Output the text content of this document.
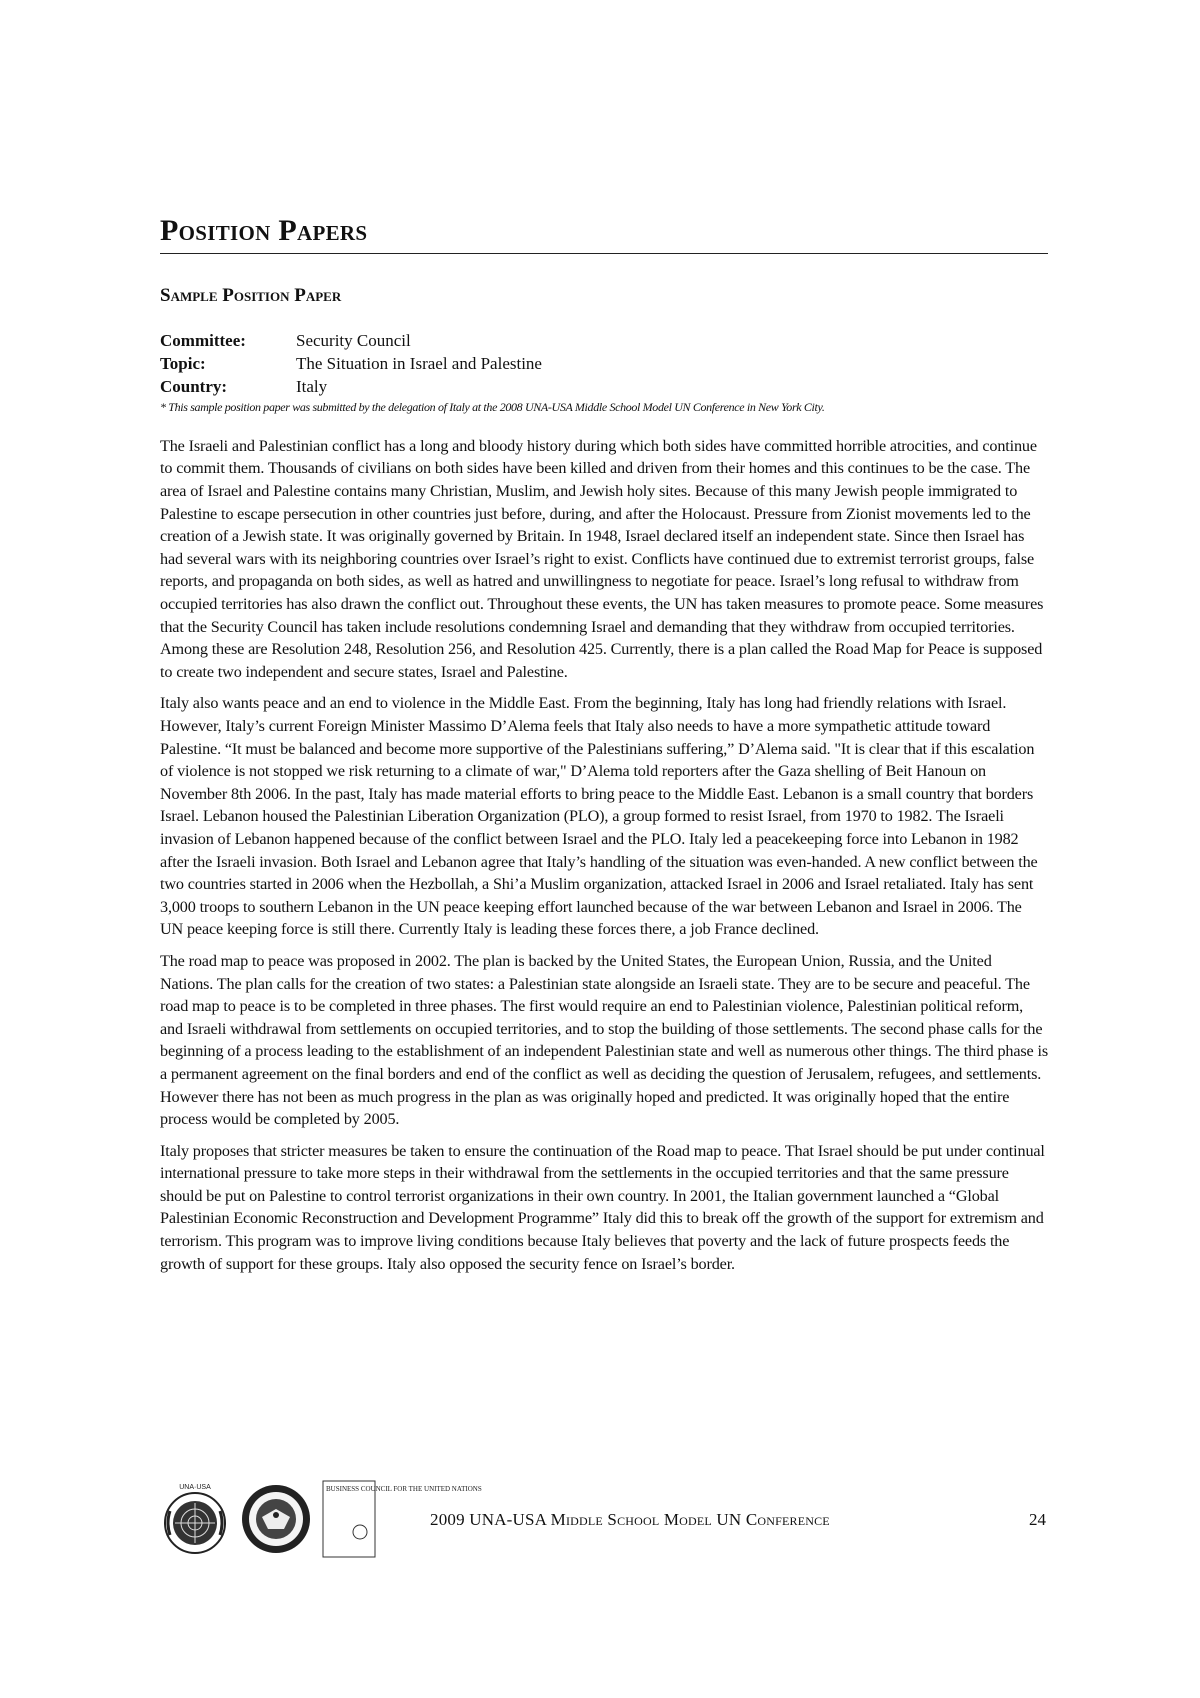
Position Papers
Sample Position Paper
Committee:	Security Council
Topic:	The Situation in Israel and Palestine
Country:	Italy
* This sample position paper was submitted by the delegation of Italy at the 2008 UNA-USA Middle School Model UN Conference in New York City.

The Israeli and Palestinian conflict has a long and bloody history during which both sides have committed horrible atrocities, and continue to commit them. Thousands of civilians on both sides have been killed and driven from their homes and this continues to be the case. The area of Israel and Palestine contains many Christian, Muslim, and Jewish holy sites. Because of this many Jewish people immigrated to Palestine to escape persecution in other countries just before, during, and after the Holocaust. Pressure from Zionist movements led to the creation of a Jewish state. It was originally governed by Britain. In 1948, Israel declared itself an independent state. Since then Israel has had several wars with its neighboring countries over Israel’s right to exist. Conflicts have continued due to extremist terrorist groups, false reports, and propaganda on both sides, as well as hatred and unwillingness to negotiate for peace. Israel’s long refusal to withdraw from occupied territories has also drawn the conflict out. Throughout these events, the UN has taken measures to promote peace. Some measures that the Security Council has taken include resolutions condemning Israel and demanding that they withdraw from occupied territories. Among these are Resolution 248, Resolution 256, and Resolution 425. Currently, there is a plan called the Road Map for Peace is supposed to create two independent and secure states, Israel and Palestine.

Italy also wants peace and an end to violence in the Middle East. From the beginning, Italy has long had friendly relations with Israel. However, Italy’s current Foreign Minister Massimo D’Alema feels that Italy also needs to have a more sympathetic attitude toward Palestine. “It must be balanced and become more supportive of the Palestinians suffering,” D’Alema said. "It is clear that if this escalation of violence is not stopped we risk returning to a climate of war," D’Alema told reporters after the Gaza shelling of Beit Hanoun on November 8th 2006. In the past, Italy has made material efforts to bring peace to the Middle East. Lebanon is a small country that borders Israel. Lebanon housed the Palestinian Liberation Organization (PLO), a group formed to resist Israel, from 1970 to 1982. The Israeli invasion of Lebanon happened because of the conflict between Israel and the PLO. Italy led a peacekeeping force into Lebanon in 1982 after the Israeli invasion. Both Israel and Lebanon agree that Italy’s handling of the situation was even-handed. A new conflict between the two countries started in 2006 when the Hezbollah, a Shi’a Muslim organization, attacked Israel in 2006 and Israel retaliated. Italy has sent 3,000 troops to southern Lebanon in the UN peace keeping effort launched because of the war between Lebanon and Israel in 2006. The UN peace keeping force is still there. Currently Italy is leading these forces there, a job France declined.

The road map to peace was proposed in 2002. The plan is backed by the United States, the European Union, Russia, and the United Nations. The plan calls for the creation of two states: a Palestinian state alongside an Israeli state. They are to be secure and peaceful. The road map to peace is to be completed in three phases. The first would require an end to Palestinian violence, Palestinian political reform, and Israeli withdrawal from settlements on occupied territories, and to stop the building of those settlements. The second phase calls for the beginning of a process leading to the establishment of an independent Palestinian state and well as numerous other things. The third phase is a permanent agreement on the final borders and end of the conflict as well as deciding the question of Jerusalem, refugees, and settlements. However there has not been as much progress in the plan as was originally hoped and predicted. It was originally hoped that the entire process would be completed by 2005.

Italy proposes that stricter measures be taken to ensure the continuation of the Road map to peace. That Israel should be put under continual international pressure to take more steps in their withdrawal from the settlements in the occupied territories and that the same pressure should be put on Palestine to control terrorist organizations in their own country. In 2001, the Italian government launched a “Global Palestinian Economic Reconstruction and Development Programme” Italy did this to break off the growth of the support for extremism and terrorism. This program was to improve living conditions because Italy believes that poverty and the lack of future prospects feeds the growth of support for these groups. Italy also opposed the security fence on Israel’s border.

UNA·USA	BUSINESS COUNCIL FOR THE UNITED NATIONS
2009 UNA-USA Middle School Model UN Conference	24
